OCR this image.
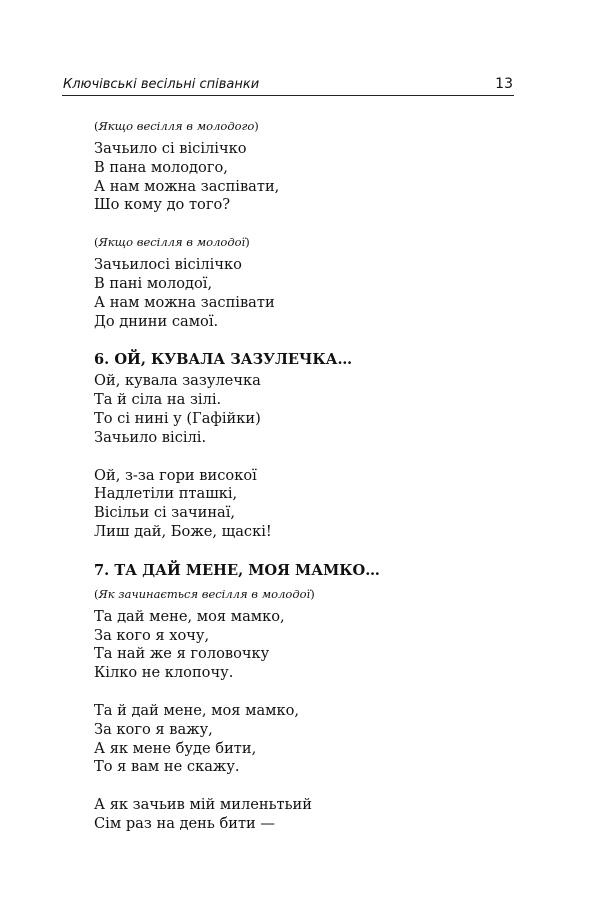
Ключівські весільні співанки	13
(Якщо весілля в молодого)
Зачьило сі вісілічко
В пана молодого,
А нам можна заспівати,
Шо кому до того?
(Якщо весілля в молодої)
Зачьилосі вісілічко
В пані молодої,
А нам можна заспівати
До днини самої.
6. ОЙ, КУВАЛА ЗАЗУЛЕЧКА…
Ой, кувала зазулечка
Та й сіла на зілі.
То сі нині у (Гафійки)
Зачьило вісілі.
Ой, з-за гори високої
Надлетіли пташкі,
Вісільи сі зачинаї,
Лиш дай, Боже, щаскі!
7. ТА ДАЙ МЕНЕ, МОЯ МАМКО…
(Як зачинається весілля в молодої)
Та дай мене, моя мамко,
За кого я хочу,
Та най же я головочку
Кілко не клопочу.
Та й дай мене, моя мамко,
За кого я важу,
А як мене буде бити,
То я вам не скажу.
А як зачьив мій миленьтьий
Сім раз на день бити —
